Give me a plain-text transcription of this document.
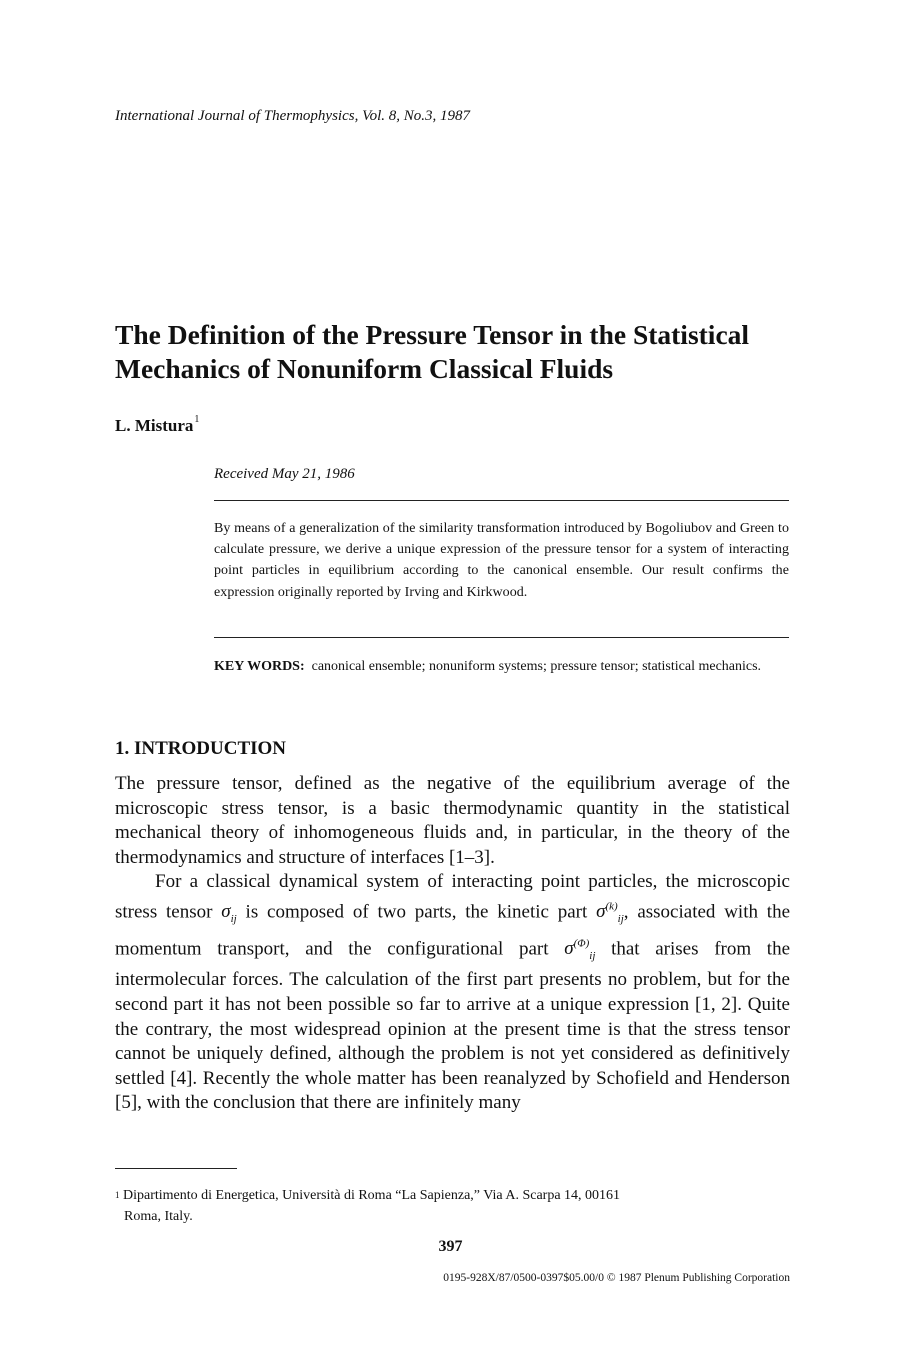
International Journal of Thermophysics, Vol. 8, No.3, 1987
The Definition of the Pressure Tensor in the Statistical Mechanics of Nonuniform Classical Fluids
L. Mistura$^1$
Received May 21, 1986

By means of a generalization of the similarity transformation introduced by Bogoliubov and Green to calculate pressure, we derive a unique expression of the pressure tensor for a system of interacting point particles in equilibrium according to the canonical ensemble. Our result confirms the expression originally reported by Irving and Kirkwood.

KEY WORDS: canonical ensemble; nonuniform systems; pressure tensor; statistical mechanics.

1. INTRODUCTION

The pressure tensor, defined as the negative of the equilibrium average of the microscopic stress tensor, is a basic thermodynamic quantity in the statistical mechanical theory of inhomogeneous fluids and, in particular, in the theory of the thermodynamics and structure of interfaces [1–3].

For a classical dynamical system of interacting point particles, the microscopic stress tensor $\sigma_{ij}$ is composed of two parts, the kinetic part $\sigma^{(k)}_{ij}$, associated with the momentum transport, and the configurational part $\sigma^{(\Phi)}_{ij}$ that arises from the intermolecular forces. The calculation of the first part presents no problem, but for the second part it has not been possible so far to arrive at a unique expression [1, 2]. Quite the contrary, the most widespread opinion at the present time is that the stress tensor cannot be uniquely defined, although the problem is not yet considered as definitively settled [4]. Recently the whole matter has been reanalyzed by Schofield and Henderson [5], with the conclusion that there are infinitely many

$^1$ Dipartimento di Energetica, Università di Roma “La Sapienza,” Via A. Scarpa 14, 00161
Roma, Italy.

397
0195-928X/87/0500-0397$05.00/0 © 1987 Plenum Publishing Corporation
